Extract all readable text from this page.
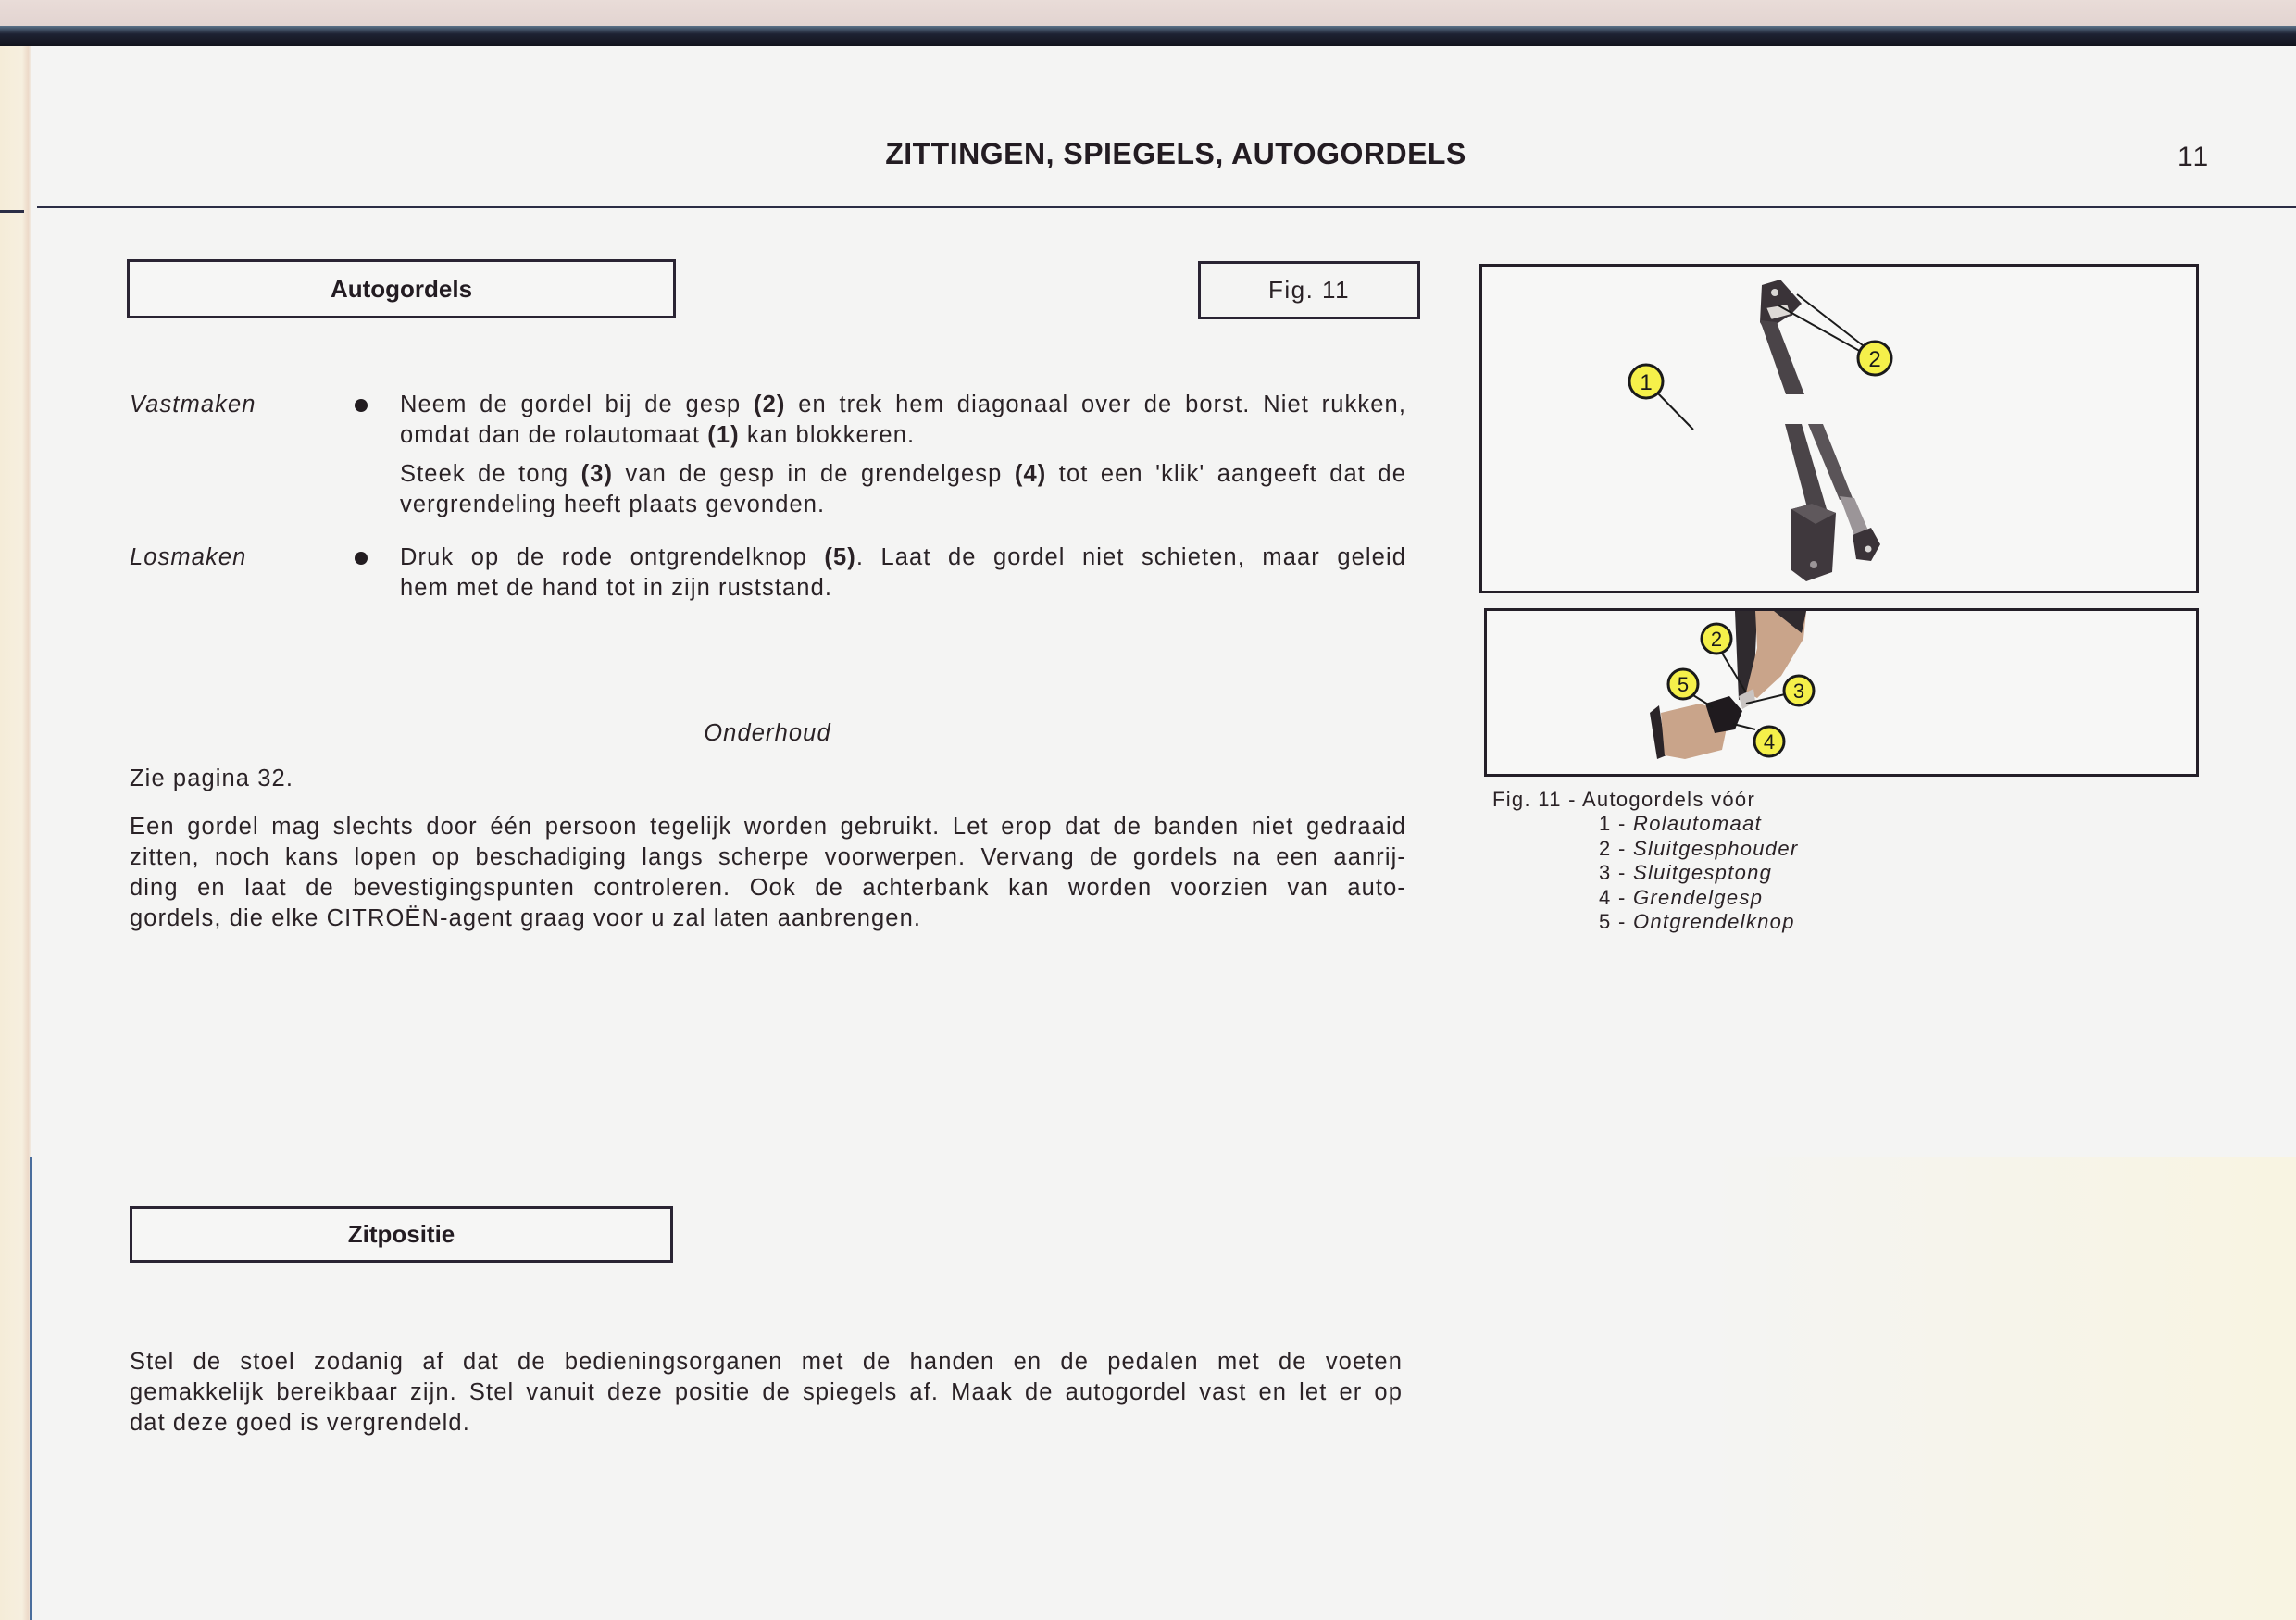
ZITTINGEN, SPIEGELS, AUTOGORDELS	11
Autogordels	Fig. 11
Vastmaken	Neem de gordel bij de gesp (2) en trek hem diagonaal over de borst. Niet rukken,
omdat dan de rolautomaat (1) kan blokkeren.
Steek de tong (3) van de gesp in de grendelgesp (4) tot een 'klik' aangeeft dat de
vergrendeling heeft plaats gevonden.
Losmaken	Druk op de rode ontgrendelknop (5). Laat de gordel niet schieten, maar geleid
hem met de hand tot in zijn ruststand.
Onderhoud
Zie pagina 32.
Een gordel mag slechts door één persoon tegelijk worden gebruikt. Let erop dat de banden niet gedraaid
zitten, noch kans lopen op beschadiging langs scherpe voorwerpen. Vervang de gordels na een aanrij-
ding en laat de bevestigingspunten controleren. Ook de achterbank kan worden voorzien van auto-
gordels, die elke CITROËN-agent graag voor u zal laten aanbrengen.
Zitpositie
Stel de stoel zodanig af dat de bedieningsorganen met de handen en de pedalen met de voeten
gemakkelijk bereikbaar zijn. Stel vanuit deze positie de spiegels af. Maak de autogordel vast en let er op
dat deze goed is vergrendeld.
2
1
2
3
4
5
Fig. 11 - Autogordels vóór
1 - Rolautomaat
2 - Sluitgesphouder
3 - Sluitgesptong
4 - Grendelgesp
5 - Ontgrendelknop
